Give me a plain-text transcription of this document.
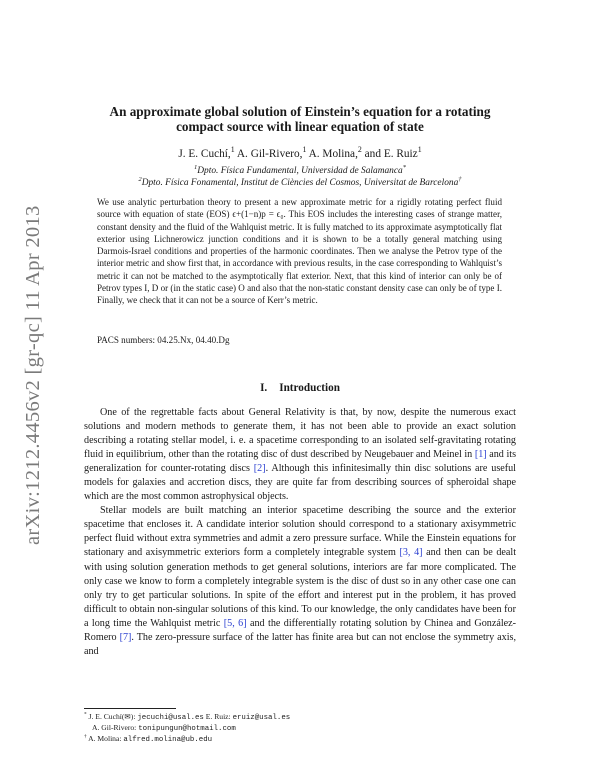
arXiv:1212.4456v2 [gr-qc] 11 Apr 2013
An approximate global solution of Einstein’s equation for a rotating
compact source with linear equation of state
J. E. Cuchí,$^1$ A. Gil-Rivero,$^1$ A. Molina,$^2$ and E. Ruiz$^1$
$^1$Dpto. Física Fundamental, Universidad de Salamanca*
$^2$Dpto. Física Fonamental, Institut de Ciències del Cosmos, Universitat de Barcelona†
We use analytic perturbation theory to present a new approximate metric for a rigidly rotating perfect fluid source with equation of state (EOS) ϵ+(1−n)p = ϵ₀. This EOS includes the interesting cases of strange matter, constant density and the fluid of the Wahlquist metric. It is fully matched to its approximate asymptotically flat exterior using Lichnerowicz junction conditions and it is shown to be a totally general matching using Darmois-Israel conditions and properties of the harmonic coordinates. Then we analyse the Petrov type of the interior metric and show first that, in accordance with previous results, in the case corresponding to Wahlquist’s metric it can not be matched to the asymptotically flat exterior. Next, that this kind of interior can only be of Petrov types I, D or (in the static case) O and also that the non-static constant density case can only be of type I. Finally, we check that it can not be a source of Kerr’s metric.
PACS numbers: 04.25.Nx, 04.40.Dg
I. Introduction

One of the regrettable facts about General Relativity is that, by now, despite the numerous exact solutions and modern methods to generate them, it has not been able to provide an exact solution describing a rotating stellar model, i. e. a spacetime corresponding to an isolated self-gravitating rotating fluid in equilibrium, other than the rotating disc of dust described by Neugebauer and Meinel in [1] and its generalization for counter-rotating discs [2]. Although this infinitesimally thin disc solutions are useful models for galaxies and accretion discs, they are quite far from describing sources of spheroidal shape which are the most common astrophysical objects.

Stellar models are built matching an interior spacetime describing the source and the exterior spacetime that encloses it. A candidate interior solution should correspond to a stationary axisymmetric perfect fluid without extra symmetries and admit a zero pressure surface. While the Einstein equations for stationary and axisymmetric exteriors form a completely integrable system [3, 4] and then can be dealt with using solution generation methods to get general solutions, interiors are far more complicated. The only case we know to form a completely integrable system is the disc of dust so in any other case one can only try to get particular solutions. In spite of the effort and interest put in the problem, it has proved difficult to obtain non-singular solutions of this kind. To our knowledge, the only candidates have been for a long time the Wahlquist metric [5, 6] and the differentially rotating solution by Chinea and González- Romero [7]. The zero-pressure surface of the latter has finite area but can not enclose the symmetry axis, and

* J. E. Cuchí(✉): jecuchi@usal.es E. Ruiz: eruiz@usal.es
A. Gil-Rivero: tonipungun@hotmail.com
† A. Molina: alfred.molina@ub.edu
